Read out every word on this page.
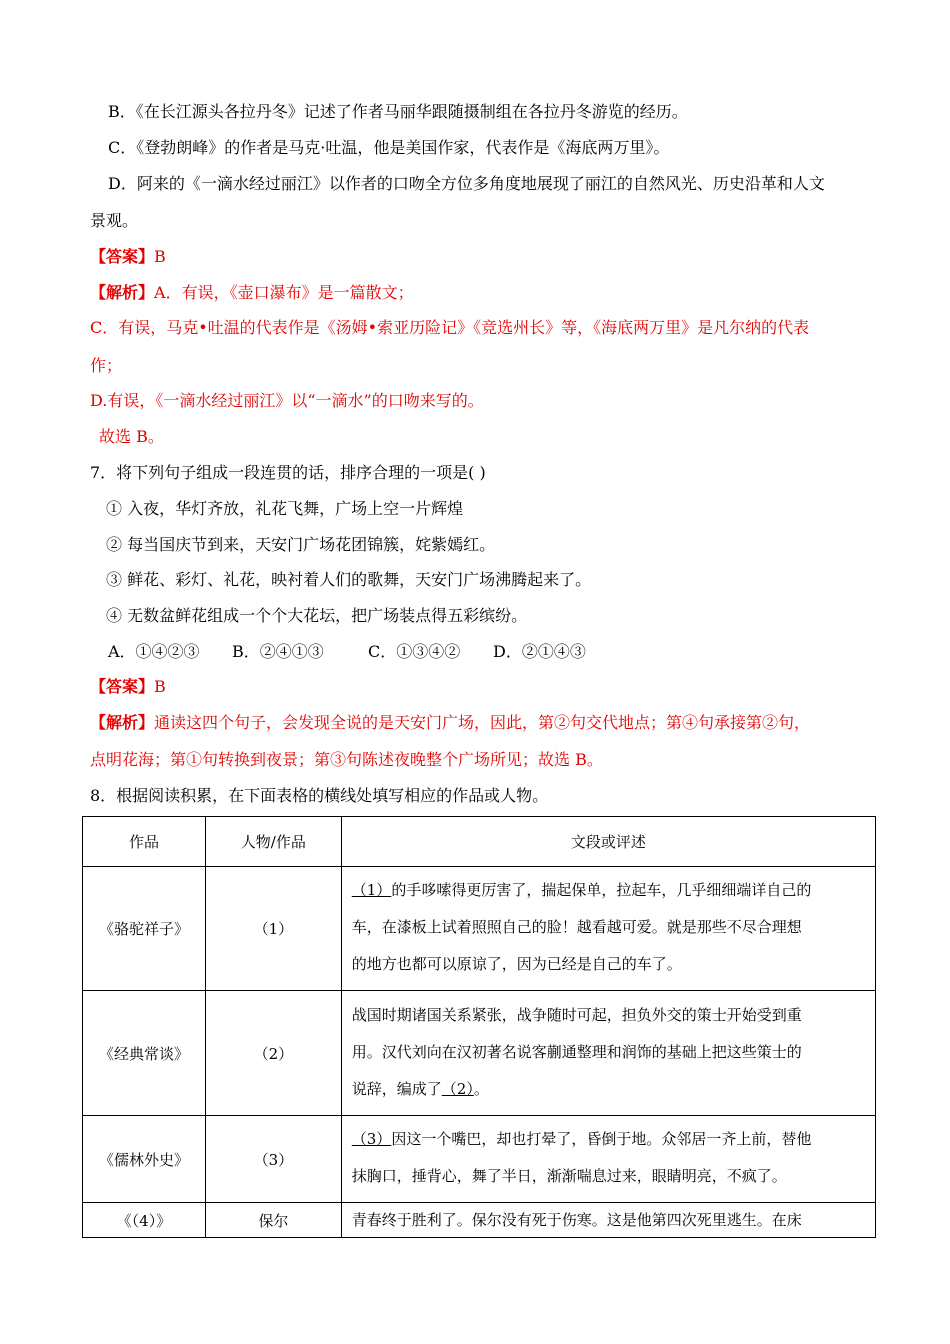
B．《在长江源头各拉丹冬》记述了作者马丽华跟随摄制组在各拉丹冬游览的经历。
C．《登勃朗峰》的作者是马克·吐温，他是美国作家，代表作是《海底两万里》。
D．阿来的《一滴水经过丽江》以作者的口吻全方位多角度地展现了丽江的自然风光、历史沿革和人文
景观。
【答案】B
【解析】A．有误，《壶口瀑布》是一篇散文；
C．有误，马克•吐温的代表作是《汤姆•索亚历险记》《竞选州长》等，《海底两万里》是凡尔纳的代表
作；
D.有误，《一滴水经过丽江》以“一滴水”的口吻来写的。
故选 B。
7．将下列句子组成一段连贯的话，排序合理的一项是( )
① 入夜，华灯齐放，礼花飞舞，广场上空一片辉煌
② 每当国庆节到来，天安门广场花团锦簇，姹紫嫣红。
③ 鲜花、彩灯、礼花，映衬着人们的歌舞，天安门广场沸腾起来了。
④ 无数盆鲜花组成一个个大花坛，把广场装点得五彩缤纷。
A．①④②③ B．②④①③	C．①③④② D．②①④③
【答案】B
【解析】通读这四个句子，会发现全说的是天安门广场，因此，第②句交代地点；第④句承接第②句，
点明花海；第①句转换到夜景；第③句陈述夜晚整个广场所见；故选 B。
8．根据阅读积累，在下面表格的横线处填写相应的作品或人物。
作品	人物/作品	文段或评述
《骆驼祥子》	（1）	（1）的手哆嗦得更厉害了，揣起保单，拉起车，几乎细细端详自己的
车，在漆板上试着照照自己的脸！越看越可爱。就是那些不尽合理想
的地方也都可以原谅了，因为已经是自己的车了。

《经典常谈》	（2）	战国时期诸国关系紧张，战争随时可起，担负外交的策士开始受到重
用。汉代刘向在汉初著名说客蒯通整理和润饰的基础上把这些策士的
说辞，编成了（2）。

《儒林外史》	（3）	（3）因这一个嘴巴，却也打晕了，昏倒于地。众邻居一齐上前，替他
抹胸口，捶背心，舞了半日，渐渐喘息过来，眼睛明亮，不疯了。

《（4）》	保尔	青春终于胜利了。保尔没有死于伤寒。这是他第四次死里逃生。在床
